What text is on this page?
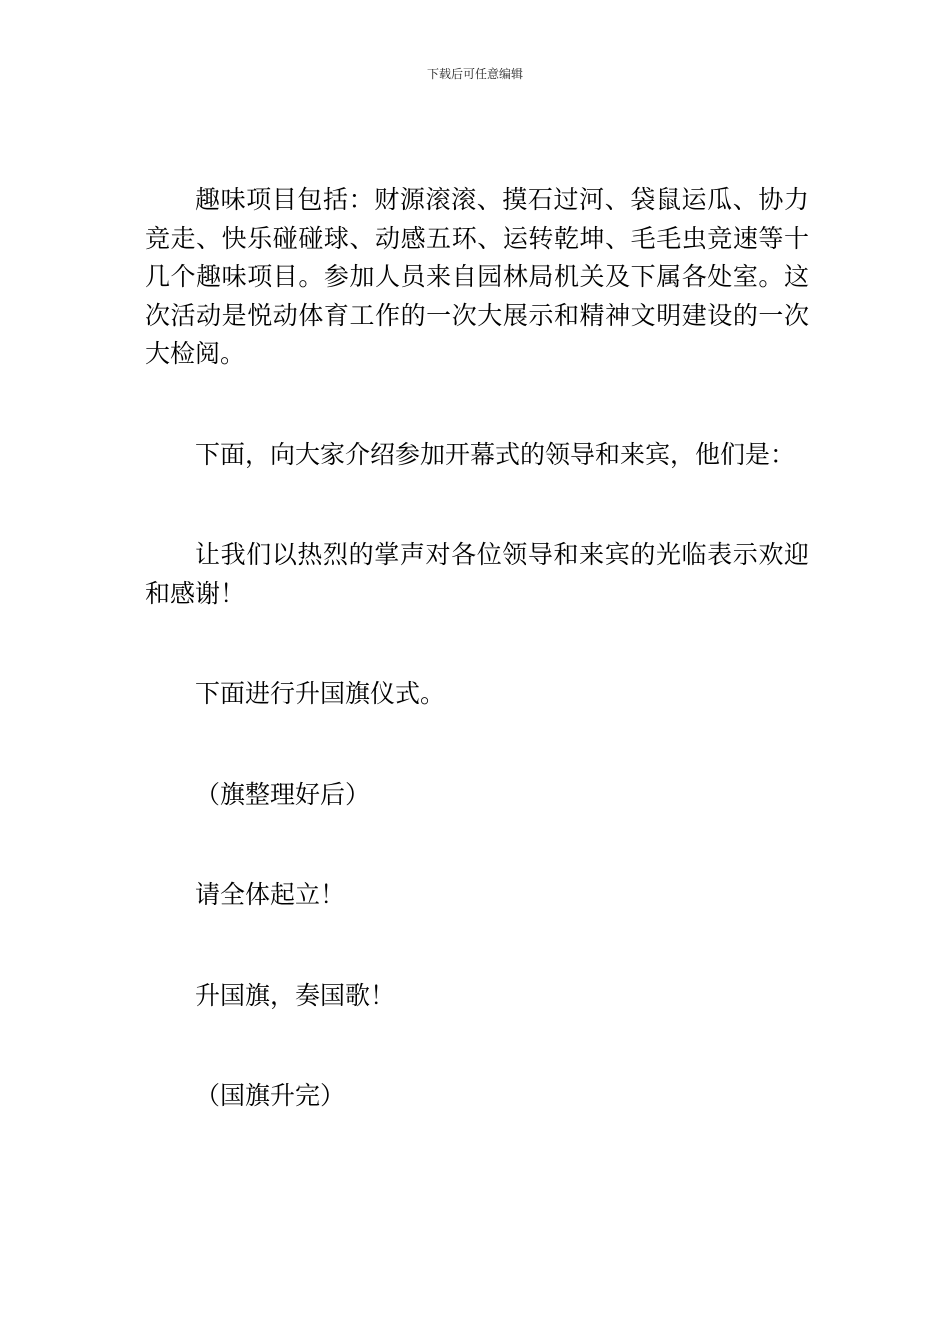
下载后可任意编辑

趣味项目包括：财源滚滚、摸石过河、袋鼠运瓜、协力竞走、快乐碰碰球、动感五环、运转乾坤、毛毛虫竞速等十几个趣味项目。参加人员来自园林局机关及下属各处室。这次活动是悦动体育工作的一次大展示和精神文明建设的一次大检阅。

下面，向大家介绍参加开幕式的领导和来宾，他们是：

让我们以热烈的掌声对各位领导和来宾的光临表示欢迎和感谢！

下面进行升国旗仪式。

（旗整理好后）

请全体起立！

升国旗，奏国歌！

（国旗升完）
